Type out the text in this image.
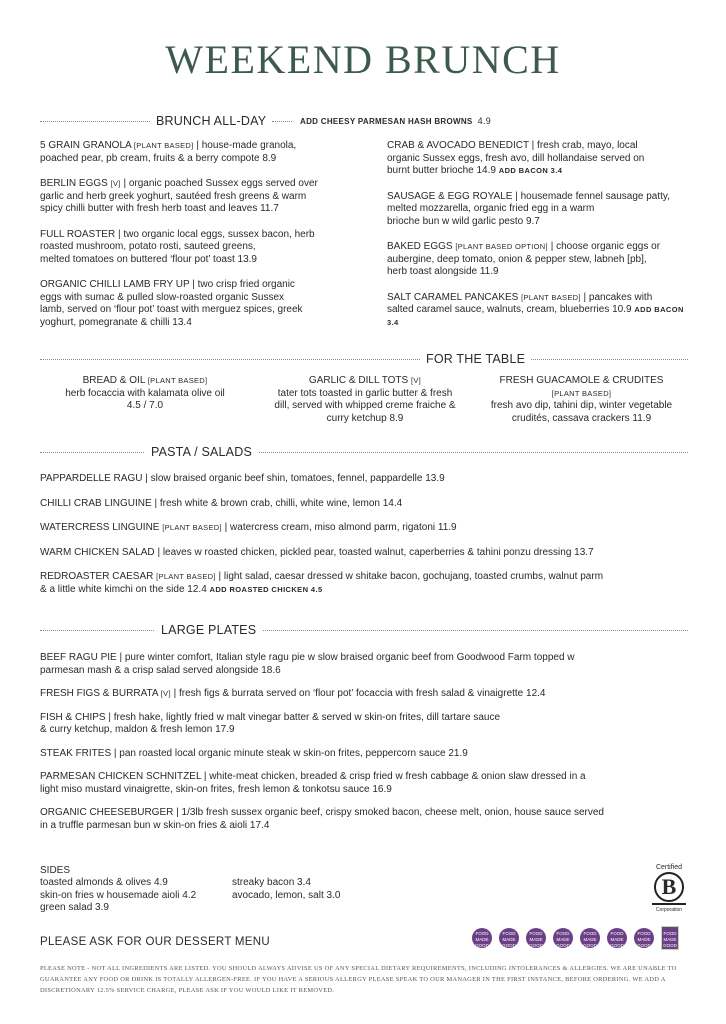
WEEKEND BRUNCH
BRUNCH ALL-DAY	ADD CHEESY PARMESAN HASH BROWNS 4.9
5 GRAIN GRANOLA [PLANT BASED] | house-made granola,
poached pear, pb cream, fruits & a berry compote 8.9
BERLIN EGGS [V] | organic poached Sussex eggs served over
garlic and herb greek yoghurt, sautéed fresh greens & warm
spicy chilli butter with fresh herb toast and leaves 11.7
FULL ROASTER | two organic local eggs, sussex bacon, herb
roasted mushroom, potato rosti, sauteed greens,
melted tomatoes on buttered ‘flour pot’ toast 13.9
ORGANIC CHILLI LAMB FRY UP | two crisp fried organic
eggs with sumac & pulled slow-roasted organic Sussex
lamb, served on ‘flour pot’ toast with merguez spices, greek
yoghurt, pomegranate & chilli 13.4
CRAB & AVOCADO BENEDICT | fresh crab, mayo, local
organic Sussex eggs, fresh avo, dill hollandaise served on
burnt butter brioche 14.9 ADD BACON 3.4
SAUSAGE & EGG ROYALE | housemade fennel sausage patty,
melted mozzarella, organic fried egg in a warm
brioche bun w wild garlic pesto 9.7
BAKED EGGS [PLANT BASED OPTION] | choose organic eggs or
aubergine, deep tomato, onion & pepper stew, labneh [pb],
herb toast alongside 11.9
SALT CARAMEL PANCAKES [PLANT BASED] | pancakes with
salted caramel sauce, walnuts, cream, blueberries 10.9 ADD BACON 3.4
FOR THE TABLE
BREAD & OIL [PLANT BASED]
herb focaccia with kalamata olive oil
4.5 / 7.0
GARLIC & DILL TOTS [V]
tater tots toasted in garlic butter & fresh
dill, served with whipped creme fraiche &
curry ketchup 8.9
FRESH GUACAMOLE & CRUDITES
[PLANT BASED]
fresh avo dip, tahini dip, winter vegetable
crudités, cassava crackers 11.9
PASTA / SALADS
PAPPARDELLE RAGU | slow braised organic beef shin, tomatoes, fennel, pappardelle 13.9
CHILLI CRAB LINGUINE | fresh white & brown crab, chilli, white wine, lemon 14.4
WATERCRESS LINGUINE [PLANT BASED] | watercress cream, miso almond parm, rigatoni 11.9
WARM CHICKEN SALAD | leaves w roasted chicken, pickled pear, toasted walnut, caperberries & tahini ponzu dressing 13.7
REDROASTER CAESAR [PLANT BASED] | light salad, caesar dressed w shitake bacon, gochujang, toasted crumbs, walnut parm
& a little white kimchi on the side 12.4 ADD ROASTED CHICKEN 4.5
LARGE PLATES
BEEF RAGU PIE | pure winter comfort, Italian style ragu pie w slow braised organic beef from Goodwood Farm topped w
parmesan mash & a crisp salad served alongside 18.6
FRESH FIGS & BURRATA [V] | fresh figs & burrata served on ‘flour pot’ focaccia with fresh salad & vinaigrette 12.4
FISH & CHIPS | fresh hake, lightly fried w malt vinegar batter & served w skin-on frites, dill tartare sauce
& curry ketchup, maldon & fresh lemon 17.9
STEAK FRITES | pan roasted local organic minute steak w skin-on frites, peppercorn sauce 21.9
PARMESAN CHICKEN SCHNITZEL | white-meat chicken, breaded & crisp fried w fresh cabbage & onion slaw dressed in a
light miso mustard vinaigrette, skin-on frites, fresh lemon & tonkotsu sauce 16.9
ORGANIC CHEESEBURGER | 1/3lb fresh sussex organic beef, crispy smoked bacon, cheese melt, onion, house sauce served
in a truffle parmesan bun w skin-on fries & aioli 17.4
SIDES
toasted almonds & olives 4.9
skin-on fries w housemade aioli 4.2
green salad 3.9
streaky bacon 3.4
avocado, lemon, salt 3.0
Certified
B
Corporation
PLEASE ASK FOR OUR DESSERT MENU
FOOD MADE GOOD
FOOD MADE GOOD
FOOD MADE GOOD
FOOD MADE GOOD
FOOD MADE GOOD
FOOD MADE GOOD
FOOD MADE GOOD
FOOD MADE GOOD
PLEASE NOTE - NOT ALL INGREDIENTS ARE LISTED. YOU SHOULD ALWAYS ADVISE US OF ANY SPECIAL DIETARY REQUIREMENTS, INCLUDING INTOLERANCES & ALLERGIES. WE ARE UNABLE TO
GUARANTEE ANY FOOD OR DRINK IS TOTALLY ALLERGEN-FREE. IF YOU HAVE A SERIOUS ALLERGY PLEASE SPEAK TO OUR MANAGER IN THE FIRST INSTANCE, BEFORE ORDERING. WE ADD A
DISCRETIONARY 12.5% SERVICE CHARGE, PLEASE ASK IF YOU WOULD LIKE IT REMOVED.
